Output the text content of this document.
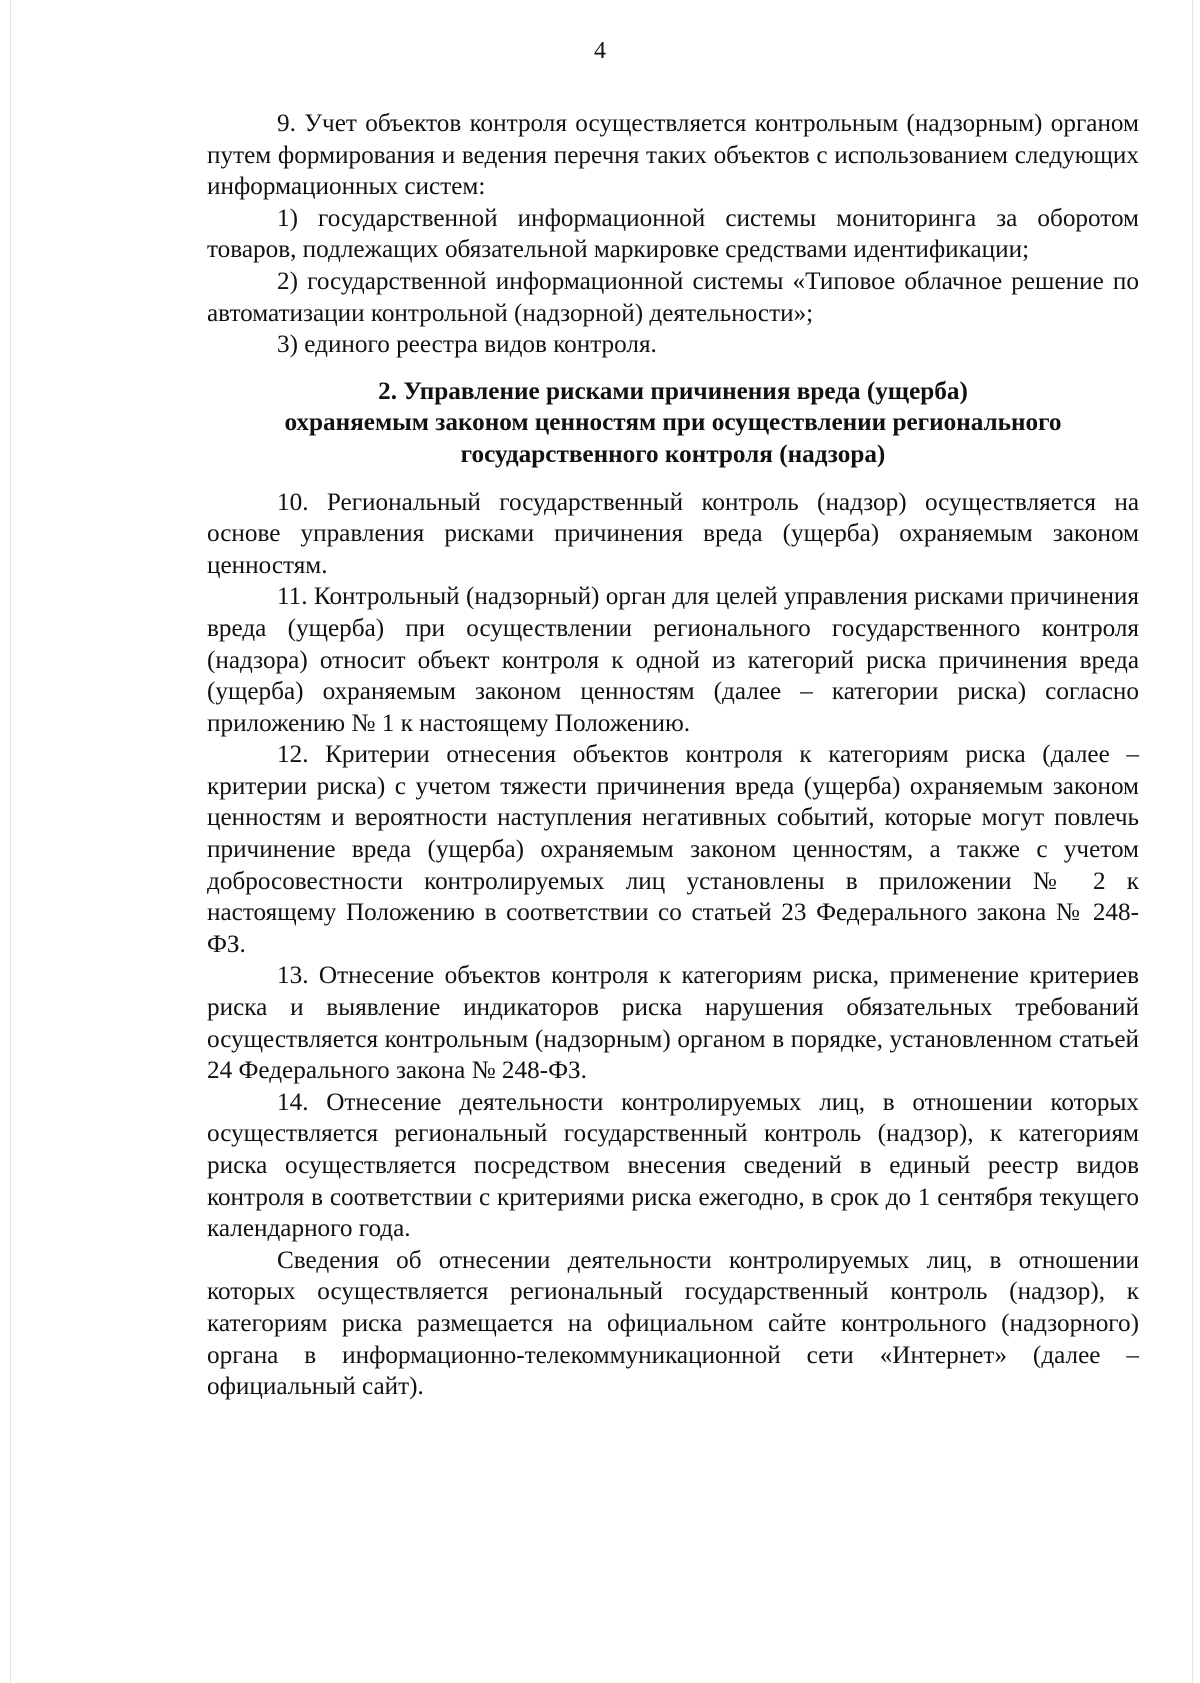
4

9. Учет объектов контроля осуществляется контрольным (надзорным) органом путем формирования и ведения перечня таких объектов с использованием следующих информационных систем:

1) государственной информационной системы мониторинга за оборотом товаров, подлежащих обязательной маркировке средствами идентификации;

2) государственной информационной системы «Типовое облачное решение по автоматизации контрольной (надзорной) деятельности»;

3) единого реестра видов контроля.

2. Управление рисками причинения вреда (ущерба)
охраняемым законом ценностям при осуществлении регионального
государственного контроля (надзора)

10. Региональный государственный контроль (надзор) осуществляется на основе управления рисками причинения вреда (ущерба) охраняемым законом ценностям.

11. Контрольный (надзорный) орган для целей управления рисками причинения вреда (ущерба) при осуществлении регионального государственного контроля (надзора) относит объект контроля к одной из категорий риска причинения вреда (ущерба) охраняемым законом ценностям (далее – категории риска) согласно приложению № 1 к настоящему Положению.

12. Критерии отнесения объектов контроля к категориям риска (далее – критерии риска) с учетом тяжести причинения вреда (ущерба) охраняемым законом ценностям и вероятности наступления негативных событий, которые могут повлечь причинение вреда (ущерба) охраняемым законом ценностям, а также с учетом добросовестности контролируемых лиц установлены в приложении № 2 к настоящему Положению в соответствии со статьей 23 Федерального закона № 248-ФЗ.

13. Отнесение объектов контроля к категориям риска, применение критериев риска и выявление индикаторов риска нарушения обязательных требований осуществляется контрольным (надзорным) органом в порядке, установленном статьей 24 Федерального закона № 248-ФЗ.

14. Отнесение деятельности контролируемых лиц, в отношении которых осуществляется региональный государственный контроль (надзор), к категориям риска осуществляется посредством внесения сведений в единый реестр видов контроля в соответствии с критериями риска ежегодно, в срок до 1 сентября текущего календарного года.

Сведения об отнесении деятельности контролируемых лиц, в отношении которых осуществляется региональный государственный контроль (надзор), к категориям риска размещается на официальном сайте контрольного (надзорного) органа в информационно-телекоммуникационной сети «Интернет» (далее – официальный сайт).
